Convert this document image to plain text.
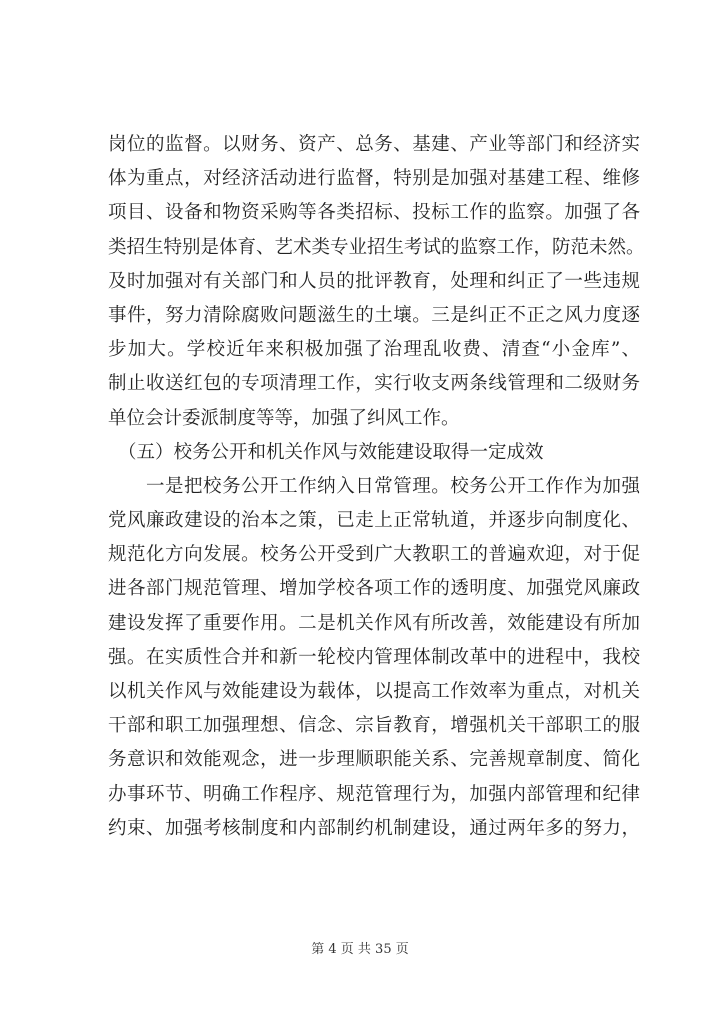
岗位的监督。以财务、资产、总务、基建、产业等部门和经济实
体为重点，对经济活动进行监督，特别是加强对基建工程、维修
项目、设备和物资采购等各类招标、投标工作的监察。加强了各
类招生特别是体育、艺术类专业招生考试的监察工作，防范未然。
及时加强对有关部门和人员的批评教育，处理和纠正了一些违规
事件，努力清除腐败问题滋生的土壤。三是纠正不正之风力度逐
步加大。学校近年来积极加强了治理乱收费、清查“小金库”、
制止收送红包的专项清理工作，实行收支两条线管理和二级财务
单位会计委派制度等等，加强了纠风工作。
（五）校务公开和机关作风与效能建设取得一定成效
一是把校务公开工作纳入日常管理。校务公开工作作为加强
党风廉政建设的治本之策，已走上正常轨道，并逐步向制度化、
规范化方向发展。校务公开受到广大教职工的普遍欢迎，对于促
进各部门规范管理、增加学校各项工作的透明度、加强党风廉政
建设发挥了重要作用。二是机关作风有所改善，效能建设有所加
强。在实质性合并和新一轮校内管理体制改革中的进程中，我校
以机关作风与效能建设为载体，以提高工作效率为重点，对机关
干部和职工加强理想、信念、宗旨教育，增强机关干部职工的服
务意识和效能观念，进一步理顺职能关系、完善规章制度、简化
办事环节、明确工作程序、规范管理行为，加强内部管理和纪律
约束、加强考核制度和内部制约机制建设，通过两年多的努力，
第 4 页 共 35 页
